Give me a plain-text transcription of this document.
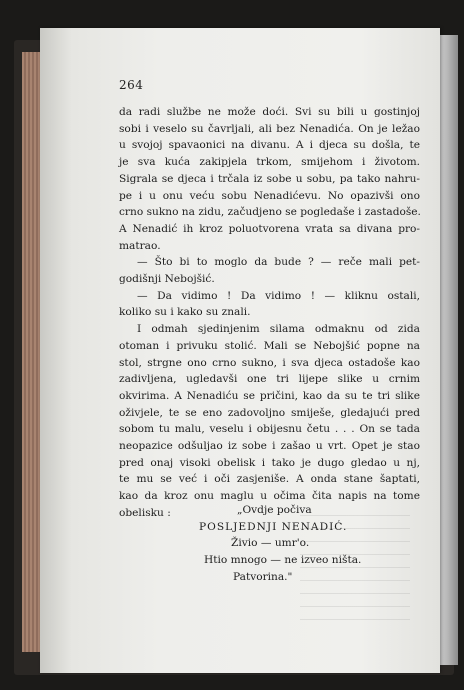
264
da radi službe ne može doći. Svi su bili u gostinjoj
sobi i veselo su čavrljali, ali bez Nenadića. On je ležao
u svojoj spavaonici na divanu. A i djeca su došla, te
je sva kuća zakipjela trkom, smijehom i životom.
Sigrala se djeca i trčala iz sobe u sobu, pa tako nahru-
pe i u onu veću sobu Nenadićevu. No opazivši ono
crno sukno na zidu, začudjeno se pogledaše i zastadoše.
A Nenadić ih kroz poluotvorena vrata sa divana pro-
matrao.
— Što bi to moglo da bude ? — reče mali pet-
godišnji Nebojšić.
— Da vidimo ! Da vidimo ! — kliknu ostali,
koliko su i kako su znali.
I odmah sjedinjenim silama odmaknu od zida
otoman i privuku stolić. Mali se Nebojšić popne na
stol, strgne ono crno sukno, i sva djeca ostadoše kao
zadivljena, ugledavši one tri lijepe slike u crnim
okvirima. A Nenadiću se pričini, kao da su te tri slike
oživjele, te se eno zadovoljno smiješe, gledajući pred
sobom tu malu, veselu i obijesnu četu . . . On se tada
neopazice odšuljao iz sobe i zašao u vrt. Opet je stao
pred onaj visoki obelisk i tako je dugo gledao u nj,
te mu se već i oči zasjeniše. A onda stane šaptati,
kao da kroz onu maglu u očima čita napis na tome
obelisku :	„Ovdje počiva
POSLJEDNJI NENADIĆ.
Živio — umr'o.
Htio mnogo — ne izveo ništa.
Patvorina."
